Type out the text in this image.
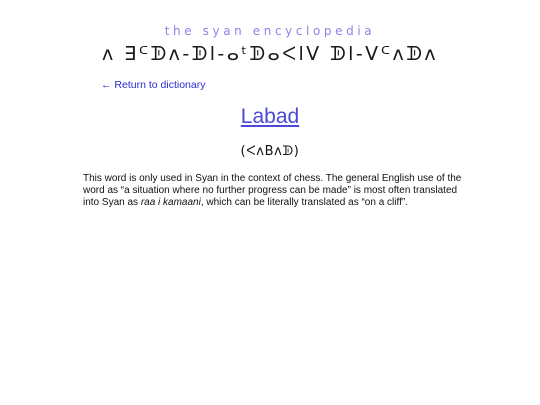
the syan encyclopedia
ʌ ∃ᒼᗫʌ-ᗫl-ⴰᵗᗫⴰᐸlⴸ ᗫl-ⴸᒼʌᗫʌ
← Return to dictionary
Labad
(ᐸʌBʌᗫ)
This word is only used in Syan in the context of chess. The general English use of the word as “a situation where no further progress can be made” is most often translated into Syan as raa i kamaani, which can be literally translated as “on a cliff”.
